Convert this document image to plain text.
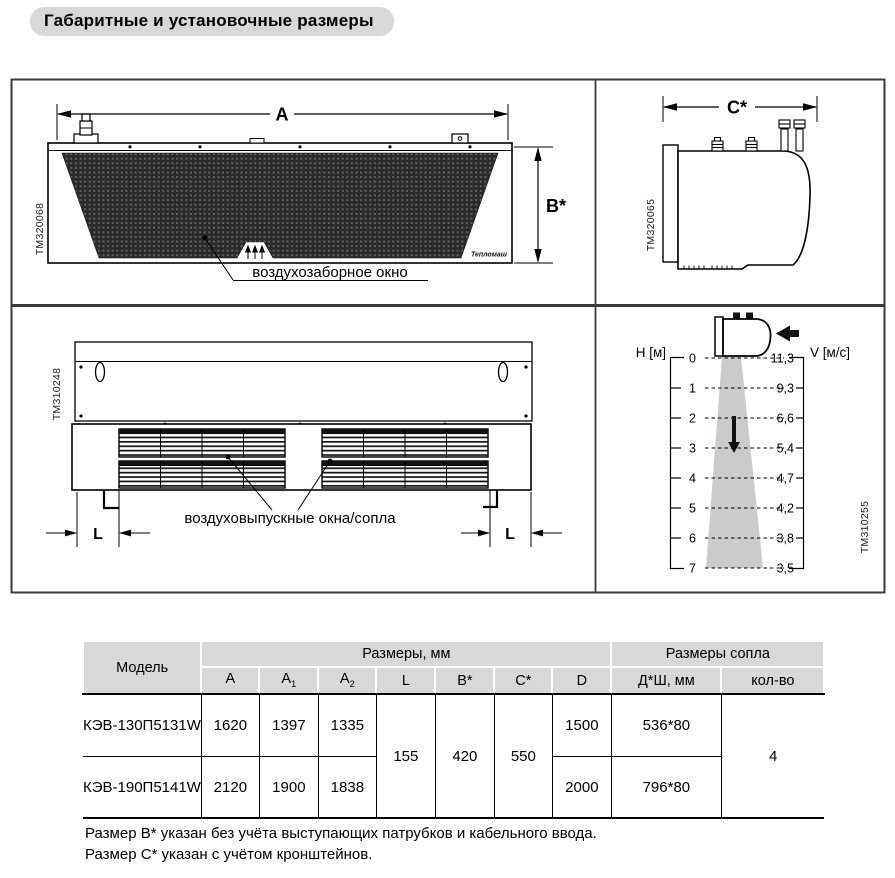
Габаритные и установочные размеры
Тепломаш
A
B*
воздухозаборное окно
TM320068
C*
TM320065
воздуховыпускные окна/сопла
L	L
TM310248
H [м]	V [м/с]
0
1
2
3
4
5
6
7
11,3
9,3
6,6
5,4
4,7
4,2
3,8
3,5
TM310255
Модель	Размеры, мм							Размеры сопла	
	A	$A_1$	$A_2$	L	B*	C*	D	Д*Ш, мм	кол-во
КЭВ-130П5131W	1620	1397	1335	155	420	550	1500	536*80	4
КЭВ-190П5141W	2120	1900	1838				2000	796*80	
Размер B* указан без учёта выступающих патрубков и кабельного ввода.
Размер C* указан с учётом кронштейнов.
